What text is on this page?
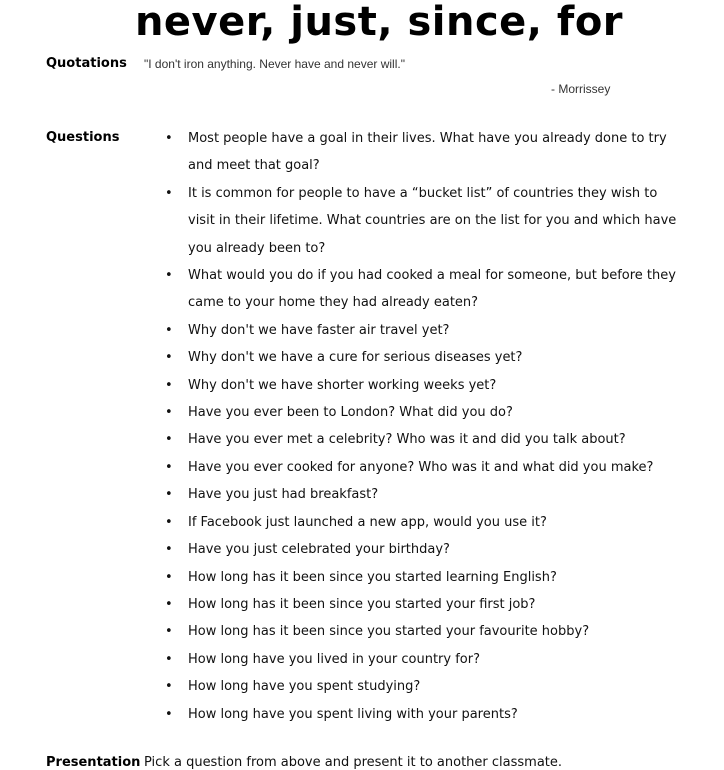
never, just, since, for
Quotations "I don't iron anything. Never have and never will."
- Morrissey
Questions	• Most people have a goal in their lives. What have you already done to try and meet that goal?
• It is common for people to have a “bucket list” of countries they wish to visit in their lifetime. What countries are on the list for you and which have you already been to?
• What would you do if you had cooked a meal for someone, but before they came to your home they had already eaten?
• Why don't we have faster air travel yet?
• Why don't we have a cure for serious diseases yet?
• Why don't we have shorter working weeks yet?
• Have you ever been to London? What did you do?
• Have you ever met a celebrity? Who was it and did you talk about?
• Have you ever cooked for anyone? Who was it and what did you make?
• Have you just had breakfast?
• If Facebook just launched a new app, would you use it?
• Have you just celebrated your birthday?
• How long has it been since you started learning English?
• How long has it been since you started your first job?
• How long has it been since you started your favourite hobby?
• How long have you lived in your country for?
• How long have you spent studying?
• How long have you spent living with your parents?
Presentation Pick a question from above and present it to another classmate.
